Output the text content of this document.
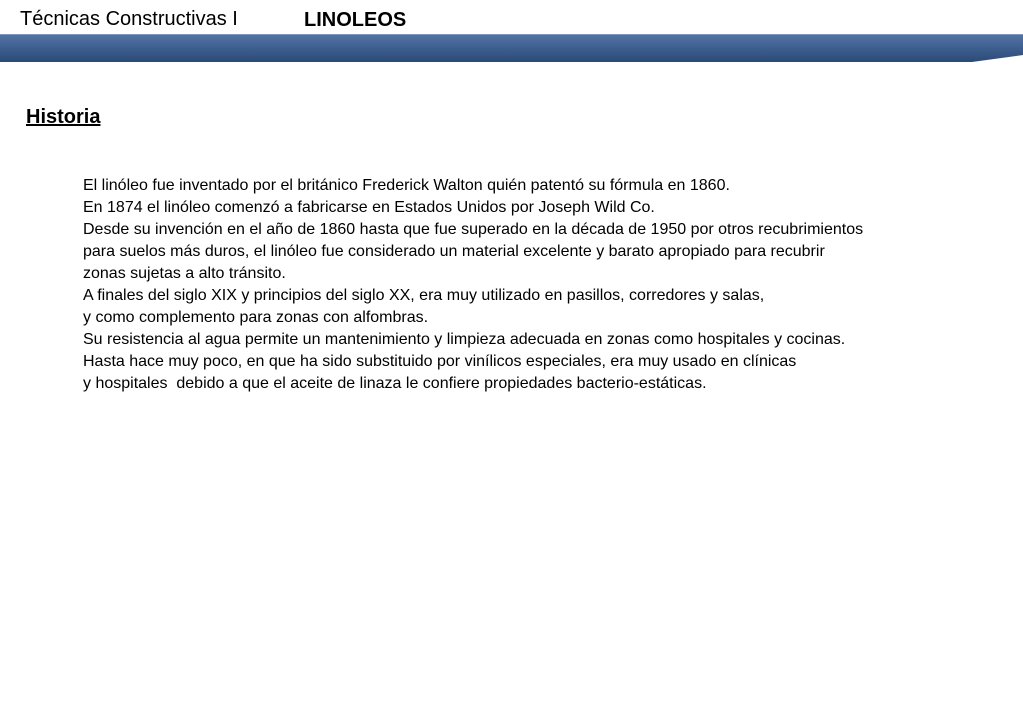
Técnicas Constructivas I	LINOLEOS
Historia
El linóleo fue inventado por el británico Frederick Walton quién patentó su fórmula en 1860.
En 1874 el linóleo comenzó a fabricarse en Estados Unidos por Joseph Wild Co.
Desde su invención en el año de 1860 hasta que fue superado en la década de 1950 por otros recubrimientos
para suelos más duros, el linóleo fue considerado un material excelente y barato apropiado para recubrir
zonas sujetas a alto tránsito.
A finales del siglo XIX y principios del siglo XX, era muy utilizado en pasillos, corredores y salas,
y como complemento para zonas con alfombras.
Su resistencia al agua permite un mantenimiento y limpieza adecuada en zonas como hospitales y cocinas.
Hasta hace muy poco, en que ha sido substituido por vinílicos especiales, era muy usado en clínicas
y hospitales  debido a que el aceite de linaza le confiere propiedades bacterio-estáticas.
